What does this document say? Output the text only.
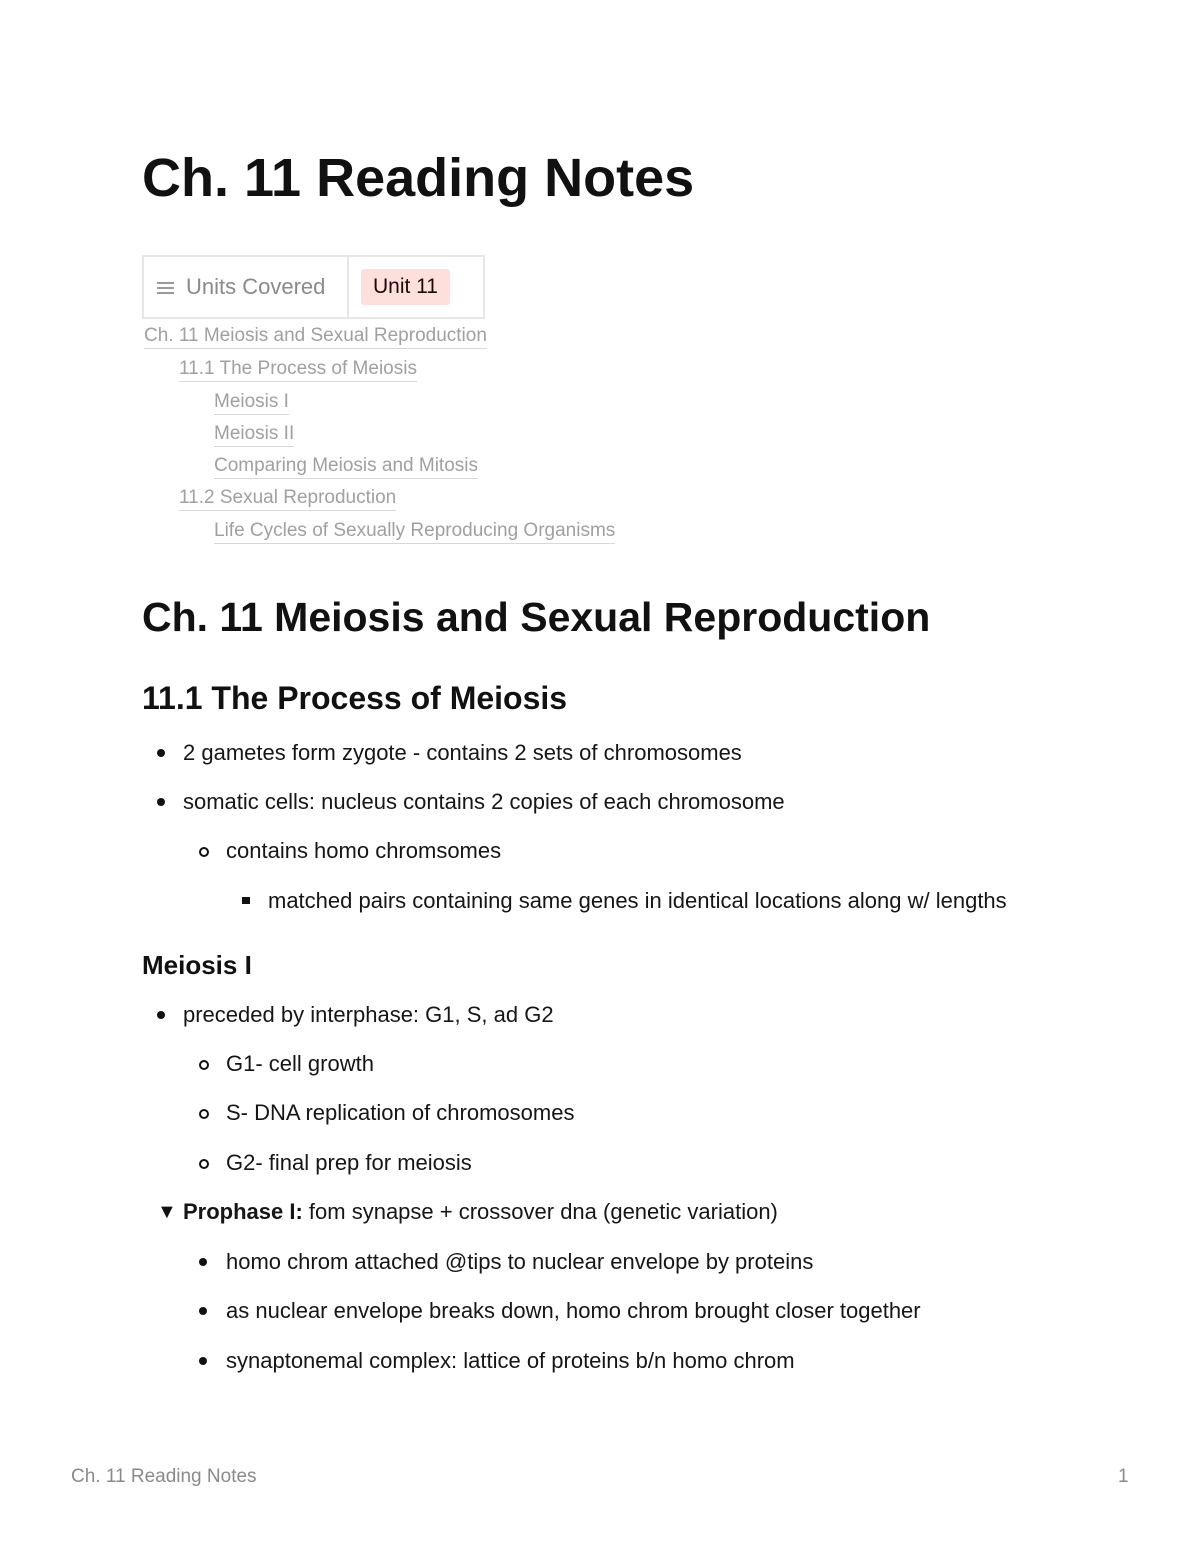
Ch. 11 Reading Notes
Units Covered	Unit 11
Ch. 11 Meiosis and Sexual Reproduction
11.1 The Process of Meiosis
Meiosis I
Meiosis II
Comparing Meiosis and Mitosis
11.2 Sexual Reproduction
Life Cycles of Sexually Reproducing Organisms
Ch. 11 Meiosis and Sexual Reproduction
11.1 The Process of Meiosis
2 gametes form zygote - contains 2 sets of chromosomes
somatic cells: nucleus contains 2 copies of each chromosome
contains homo chromsomes
matched pairs containing same genes in identical locations along w/ lengths
Meiosis I
preceded by interphase: G1, S, ad G2
G1- cell growth
S- DNA replication of chromosomes
G2- final prep for meiosis
▼ Prophase I: fom synapse + crossover dna (genetic variation)
homo chrom attached @tips to nuclear envelope by proteins
as nuclear envelope breaks down, homo chrom brought closer together
synaptonemal complex: lattice of proteins b/n homo chrom
Ch. 11 Reading Notes	1
